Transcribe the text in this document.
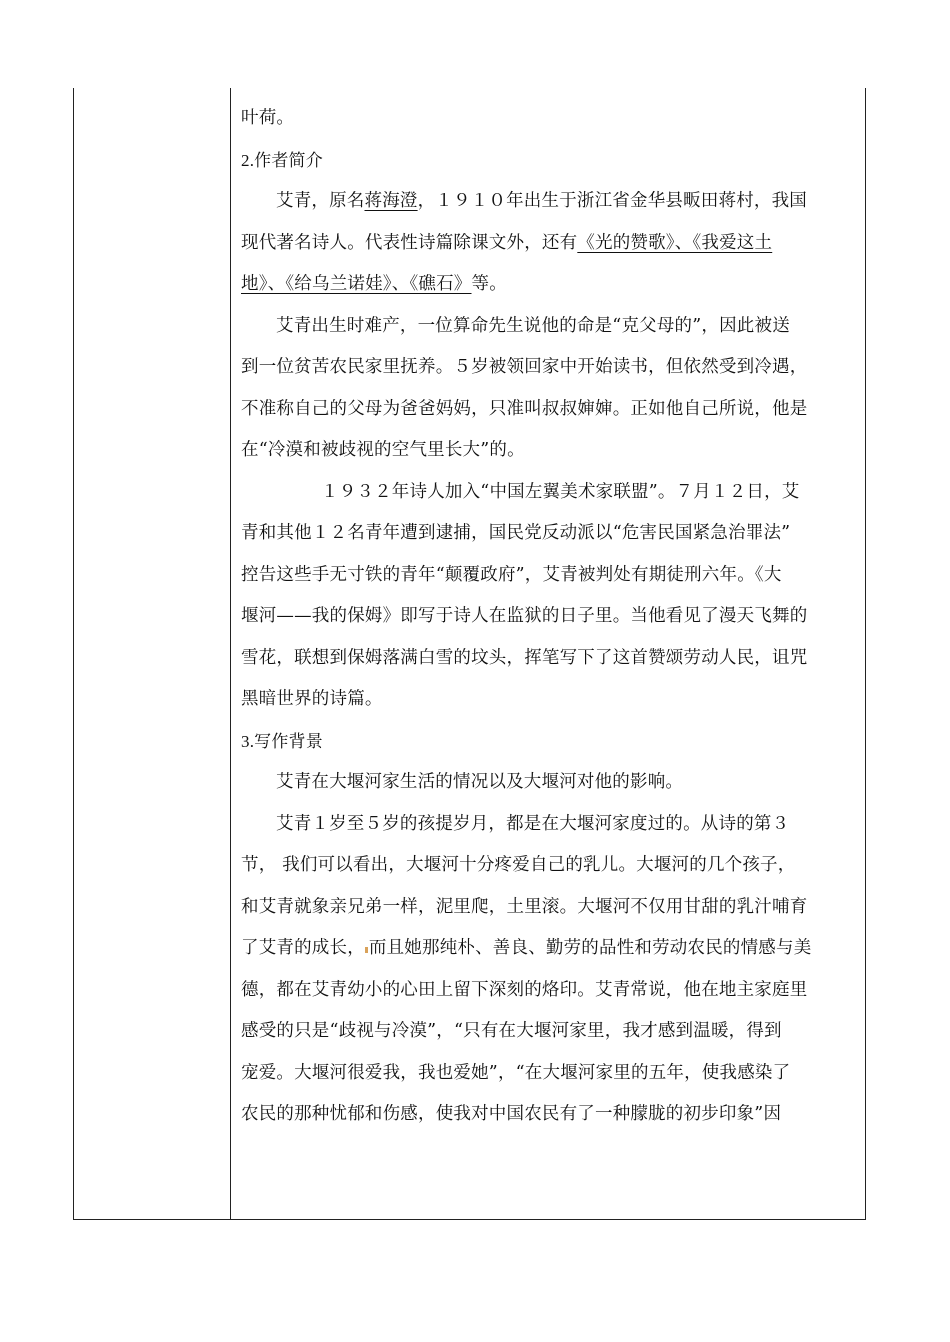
叶荷。
2.作者简介
艾青，原名蒋海澄，１９１０年出生于浙江省金华县畈田蒋村，我国
现代著名诗人。代表性诗篇除课文外，还有《光的赞歌》、《我爱这土
地》、《给乌兰诺娃》、《礁石》等。
艾青出生时难产，一位算命先生说他的命是“克父母的”，因此被送
到一位贫苦农民家里抚养。５岁被领回家中开始读书，但依然受到冷遇，
不准称自己的父母为爸爸妈妈，只准叫叔叔婶婶。正如他自己所说，他是
在“冷漠和被歧视的空气里长大”的。
１９３２年诗人加入“中国左翼美术家联盟”。７月１２日，艾
青和其他１２名青年遭到逮捕，国民党反动派以“危害民国紧急治罪法”
控告这些手无寸铁的青年“颠覆政府”，艾青被判处有期徒刑六年。《大
堰河——我的保姆》即写于诗人在监狱的日子里。当他看见了漫天飞舞的
雪花，联想到保姆落满白雪的坟头，挥笔写下了这首赞颂劳动人民，诅咒
黑暗世界的诗篇。
3.写作背景
艾青在大堰河家生活的情况以及大堰河对他的影响。
艾青１岁至５岁的孩提岁月，都是在大堰河家度过的。从诗的第３
节， 我们可以看出，大堰河十分疼爱自己的乳儿。大堰河的几个孩子，
和艾青就象亲兄弟一样，泥里爬，土里滚。大堰河不仅用甘甜的乳汁哺育
了艾青的成长， 而且她那纯朴、善良、勤劳的品性和劳动农民的情感与美
德，都在艾青幼小的心田上留下深刻的烙印。艾青常说，他在地主家庭里
感受的只是“歧视与冷漠”，“只有在大堰河家里，我才感到温暖，得到
宠爱。大堰河很爱我，我也爱她”，“在大堰河家里的五年，使我感染了
农民的那种忧郁和伤感，使我对中国农民有了一种朦胧的初步印象”因
